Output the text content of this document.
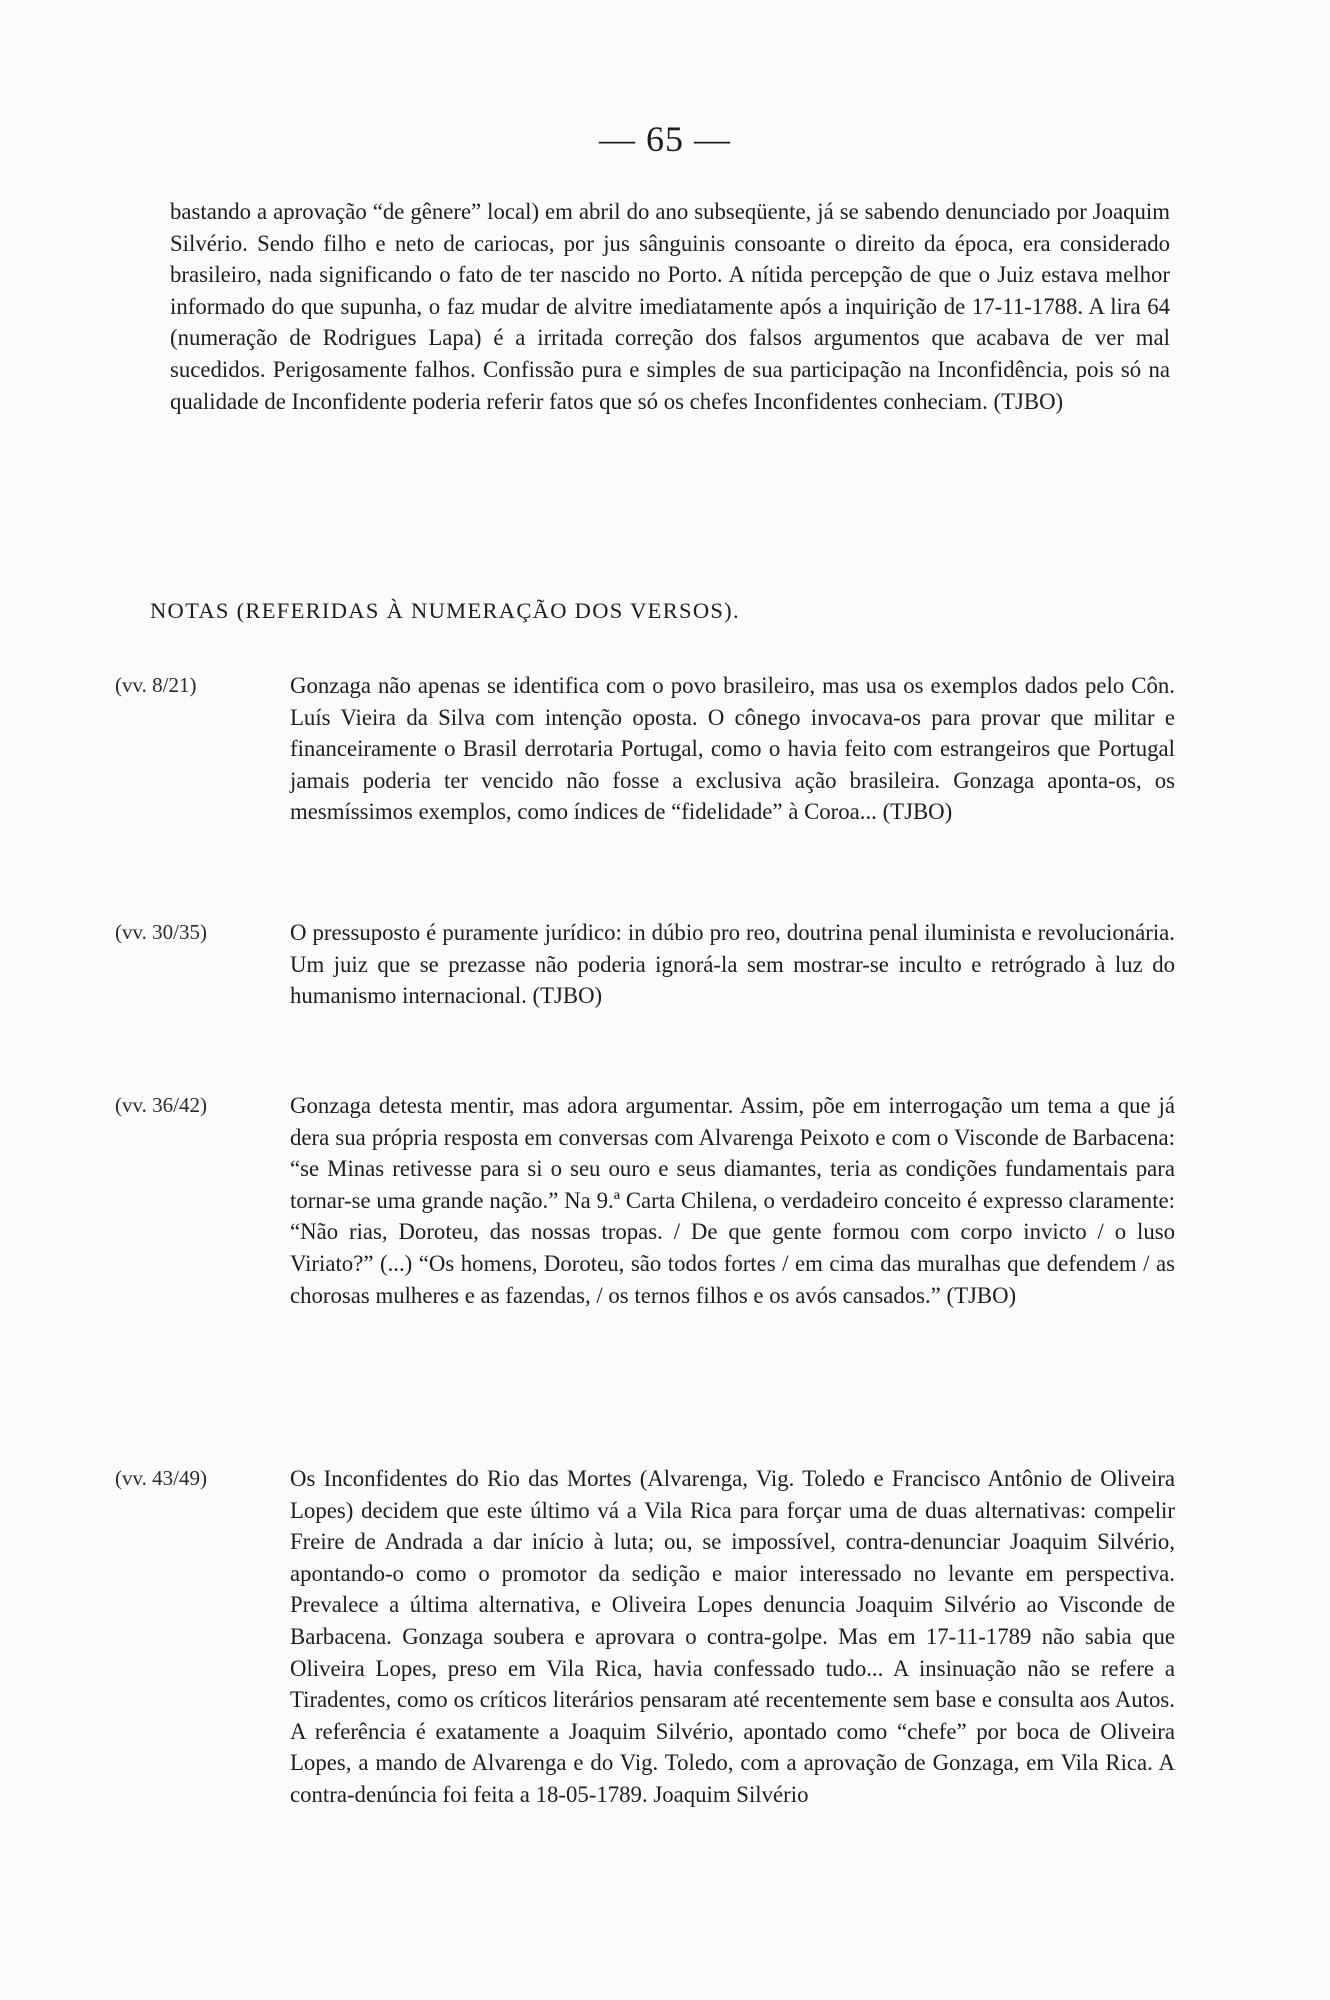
— 65 —

bastando a aprovação “de gênere” local) em abril do ano subseqüente, já se sabendo denunciado por Joaquim Silvério. Sendo filho e neto de cariocas, por jus sânguinis consoante o direito da época, era considerado brasileiro, nada significando o fato de ter nascido no Porto. A nítida percepção de que o Juiz estava melhor informado do que supunha, o faz mudar de alvitre imediatamente após a inquirição de 17-11-1788. A lira 64 (numeração de Rodrigues Lapa) é a irritada correção dos falsos argumentos que acabava de ver mal sucedidos. Perigosamente falhos. Confissão pura e simples de sua participação na Inconfidência, pois só na qualidade de Inconfidente poderia referir fatos que só os chefes Inconfidentes conheciam. (TJBO)

NOTAS (REFERIDAS À NUMERAÇÃO DOS VERSOS).

(vv. 8/21)	Gonzaga não apenas se identifica com o povo brasileiro, mas usa os exemplos dados pelo Côn. Luís Vieira da Silva com intenção oposta. O cônego invocava-os para provar que militar e financeiramente o Brasil derrotaria Portugal, como o havia feito com estrangeiros que Portugal jamais poderia ter vencido não fosse a exclusiva ação brasileira. Gonzaga aponta-os, os mesmíssimos exemplos, como índices de “fidelidade” à Coroa... (TJBO)

(vv. 30/35)	O pressuposto é puramente jurídico: in dúbio pro reo, doutrina penal iluminista e revolucionária. Um juiz que se prezasse não poderia ignorá-la sem mostrar-se inculto e retrógrado à luz do humanismo internacional. (TJBO)

(vv. 36/42)	Gonzaga detesta mentir, mas adora argumentar. Assim, põe em interrogação um tema a que já dera sua própria resposta em conversas com Alvarenga Peixoto e com o Visconde de Barbacena: “se Minas retivesse para si o seu ouro e seus diamantes, teria as condições fundamentais para tornar-se uma grande nação.” Na 9.ª Carta Chilena, o verdadeiro conceito é expresso claramente: “Não rias, Doroteu, das nossas tropas. / De que gente formou com corpo invicto / o luso Viriato?” (...) “Os homens, Doroteu, são todos fortes / em cima das muralhas que defendem / as chorosas mulheres e as fazendas, / os ternos filhos e os avós cansados.” (TJBO)

(vv. 43/49)	Os Inconfidentes do Rio das Mortes (Alvarenga, Vig. Toledo e Francisco Antônio de Oliveira Lopes) decidem que este último vá a Vila Rica para forçar uma de duas alternativas: compelir Freire de Andrada a dar início à luta; ou, se impossível, contra-denunciar Joaquim Silvério, apontando-o como o promotor da sedição e maior interessado no levante em perspectiva. Prevalece a última alternativa, e Oliveira Lopes denuncia Joaquim Silvério ao Visconde de Barbacena. Gonzaga soubera e aprovara o contra-golpe. Mas em 17-11-1789 não sabia que Oliveira Lopes, preso em Vila Rica, havia confessado tudo... A insinuação não se refere a Tiradentes, como os críticos literários pensaram até recentemente sem base e consulta aos Autos. A referência é exatamente a Joaquim Silvério, apontado como “chefe” por boca de Oliveira Lopes, a mando de Alvarenga e do Vig. Toledo, com a aprovação de Gonzaga, em Vila Rica. A contra-denúncia foi feita a 18-05-1789. Joaquim Silvério
